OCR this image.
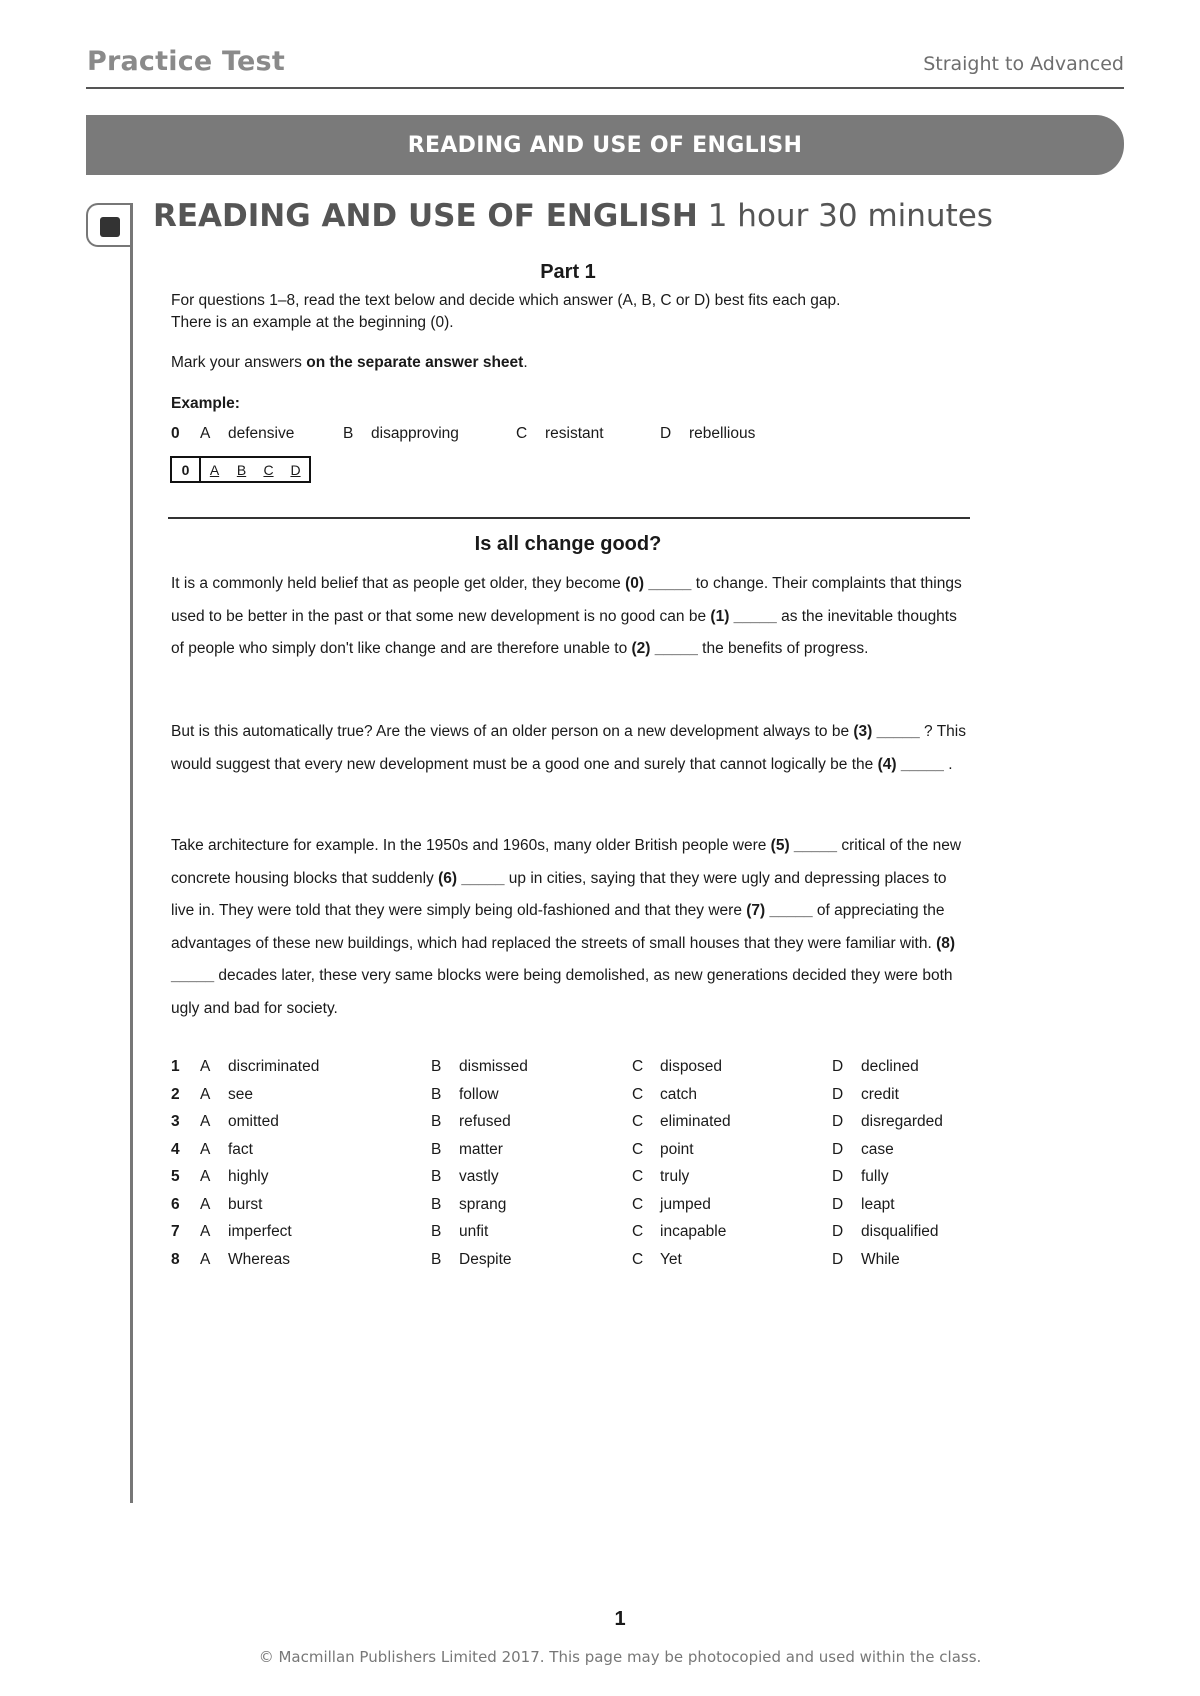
Practice Test	Straight to Advanced
READING AND USE OF ENGLISH
READING AND USE OF ENGLISH 1 hour 30 minutes
Part 1
For questions 1–8, read the text below and decide which answer (A, B, C or D) best fits each gap.
There is an example at the beginning (0).
Mark your answers on the separate answer sheet.
Example:
0 A defensive	B disapproving	C resistant	D rebellious
0	A	B	C	D
Is all change good?
It is a commonly held belief that as people get older, they become (0) _____ to change. Their complaints that things used to be better in the past or that some new development is no good can be (1) _____ as the inevitable thoughts of people who simply don't like change and are therefore unable to (2) _____ the benefits of progress.
But is this automatically true? Are the views of an older person on a new development always to be (3) _____ ? This would suggest that every new development must be a good one and surely that cannot logically be the (4) _____ .
Take architecture for example. In the 1950s and 1960s, many older British people were (5) _____ critical of the new concrete housing blocks that suddenly (6) _____ up in cities, saying that they were ugly and depressing places to live in. They were told that they were simply being old-fashioned and that they were (7) _____ of appreciating the advantages of these new buildings, which had replaced the streets of small houses that they were familiar with. (8) _____ decades later, these very same blocks were being demolished, as new generations decided they were both ugly and bad for society.
1 A discriminated	B dismissed	C disposed	D declined
2 A see	B follow	C catch	D credit
3 A omitted	B refused	C eliminated	D disregarded
4 A fact	B matter	C point	D case
5 A highly	B vastly	C truly	D fully
6 A burst	B sprang	C jumped	D leapt
7 A imperfect	B unfit	C incapable	D disqualified
8 A Whereas	B Despite	C Yet	D While
1
© Macmillan Publishers Limited 2017. This page may be photocopied and used within the class.
